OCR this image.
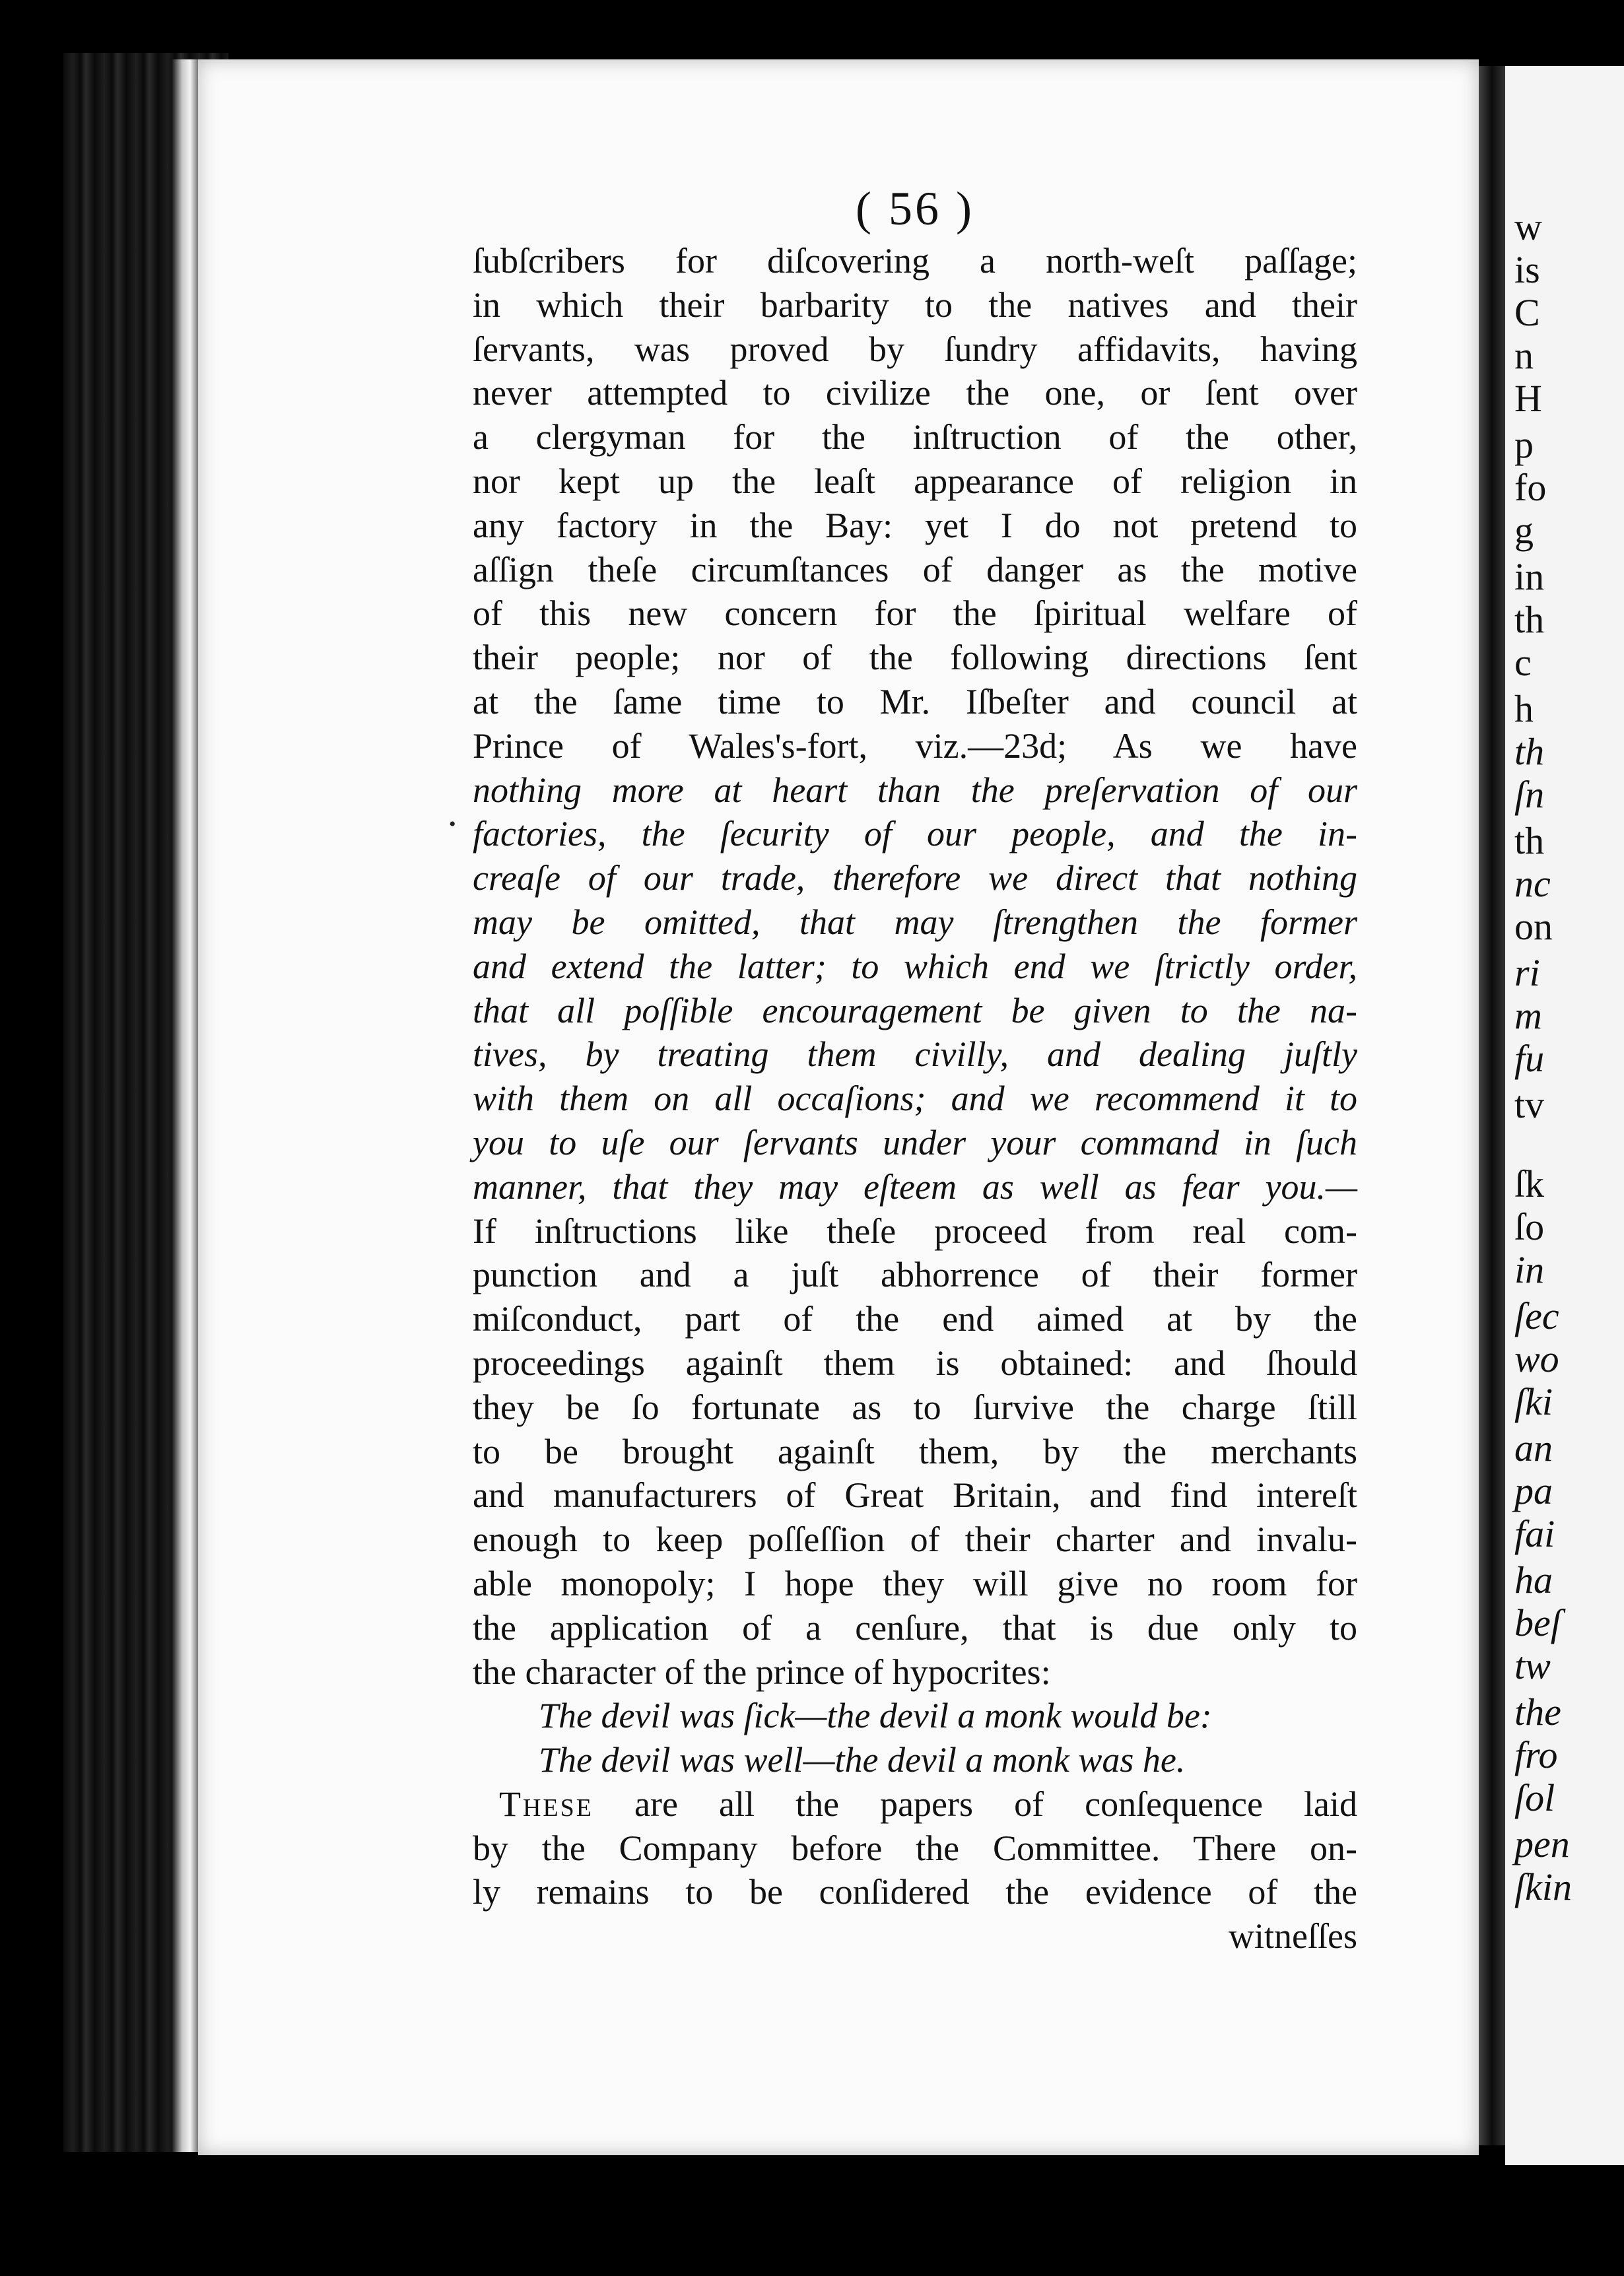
( 56 )
•
ſubſcribers for diſcovering a north-weſt paſſage;
in which their barbarity to the natives and their
ſervants, was proved by ſundry affidavits, having
never attempted to civilize the one, or ſent over
a clergyman for the inſtruction of the other,
nor kept up the leaſt appearance of religion in
any factory in the Bay: yet I do not pretend to
aſſign theſe circumſtances of danger as the motive
of this new concern for the ſpiritual welfare of
their people; nor of the following directions ſent
at the ſame time to Mr. Iſbeſter and council at
Prince of Wales's-fort, viz.—23d; As we have
nothing more at heart than the preſervation of our
factories, the ſecurity of our people, and the in-
creaſe of our trade, therefore we direct that nothing
may be omitted, that may ſtrengthen the former
and extend the latter; to which end we ſtrictly order,
that all poſſible encouragement be given to the na-
tives, by treating them civilly, and dealing juſtly
with them on all occaſions; and we recommend it to
you to uſe our ſervants under your command in ſuch
manner, that they may eſteem as well as fear you.—
If inſtructions like theſe proceed from real com-
punction and a juſt abhorrence of their former
miſconduct, part of the end aimed at by the
proceedings againſt them is obtained: and ſhould
they be ſo fortunate as to ſurvive the charge ſtill
to be brought againſt them, by the merchants
and manufacturers of Great Britain, and find intereſt
enough to keep poſſeſſion of their charter and invalu-
able monopoly; I hope they will give no room for
the application of a cenſure, that is due only to
the character of the prince of hypocrites:
The devil was ſick—the devil a monk would be:
The devil was well—the devil a monk was he.
These are all the papers of conſequence laid
by the Company before the Committee. There on-
ly remains to be conſidered the evidence of the
witneſſes
w
is
C
n
H
p
fo
g
in
th
c
h
th
ſn
th
nc
on
ri
m
fu
tv
ſk
ſo
in
ſec
wo
ſki
an
pa
fai
ha
beſ
tw
the
fro
ſol
pen
ſkin
